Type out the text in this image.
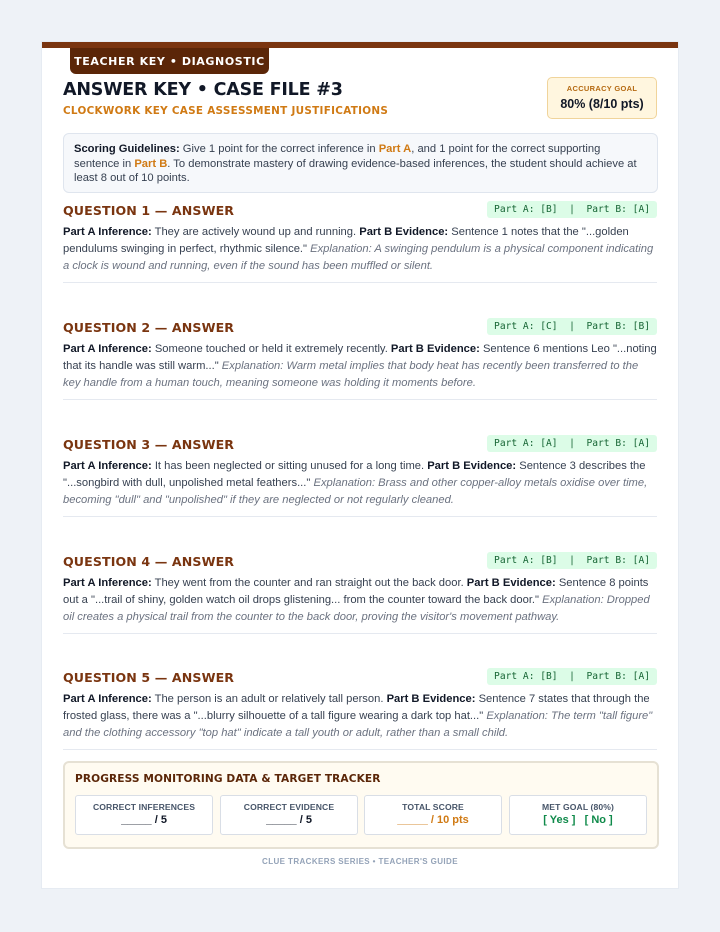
TEACHER KEY • DIAGNOSTIC
ANSWER KEY • CASE FILE #3
CLOCKWORK KEY CASE ASSESSMENT JUSTIFICATIONS
ACCURACY GOAL
80% (8/10 pts)
Scoring Guidelines: Give 1 point for the correct inference in Part A, and 1 point for the correct supporting sentence in Part B. To demonstrate mastery of drawing evidence-based inferences, the student should achieve at least 8 out of 10 points.
QUESTION 1 — ANSWER	Part A: [B]  |  Part B: [A]
Part A Inference: They are actively wound up and running. Part B Evidence: Sentence 1 notes that the "...golden pendulums swinging in perfect, rhythmic silence." Explanation: A swinging pendulum is a physical component indicating a clock is wound and running, even if the sound has been muffled or silent.
QUESTION 2 — ANSWER	Part A: [C]  |  Part B: [B]
Part A Inference: Someone touched or held it extremely recently. Part B Evidence: Sentence 6 mentions Leo "...noting that its handle was still warm..." Explanation: Warm metal implies that body heat has recently been transferred to the key handle from a human touch, meaning someone was holding it moments before.
QUESTION 3 — ANSWER	Part A: [A]  |  Part B: [A]
Part A Inference: It has been neglected or sitting unused for a long time. Part B Evidence: Sentence 3 describes the "...songbird with dull, unpolished metal feathers..." Explanation: Brass and other copper-alloy metals oxidise over time, becoming "dull" and "unpolished" if they are neglected or not regularly cleaned.
QUESTION 4 — ANSWER	Part A: [B]  |  Part B: [A]
Part A Inference: They went from the counter and ran straight out the back door. Part B Evidence: Sentence 8 points out a "...trail of shiny, golden watch oil drops glistening... from the counter toward the back door." Explanation: Dropped oil creates a physical trail from the counter to the back door, proving the visitor's movement pathway.
QUESTION 5 — ANSWER	Part A: [B]  |  Part B: [A]
Part A Inference: The person is an adult or relatively tall person. Part B Evidence: Sentence 7 states that through the frosted glass, there was a "...blurry silhouette of a tall figure wearing a dark top hat..." Explanation: The term "tall figure" and the clothing accessory "top hat" indicate a tall youth or adult, rather than a small child.
PROGRESS MONITORING DATA & TARGET TRACKER
CORRECT INFERENCES
_____ / 5
CORRECT EVIDENCE
_____ / 5
TOTAL SCORE
_____ / 10 pts
MET GOAL (80%)
[ Yes ]   [ No ]
CLUE TRACKERS SERIES • TEACHER'S GUIDE
